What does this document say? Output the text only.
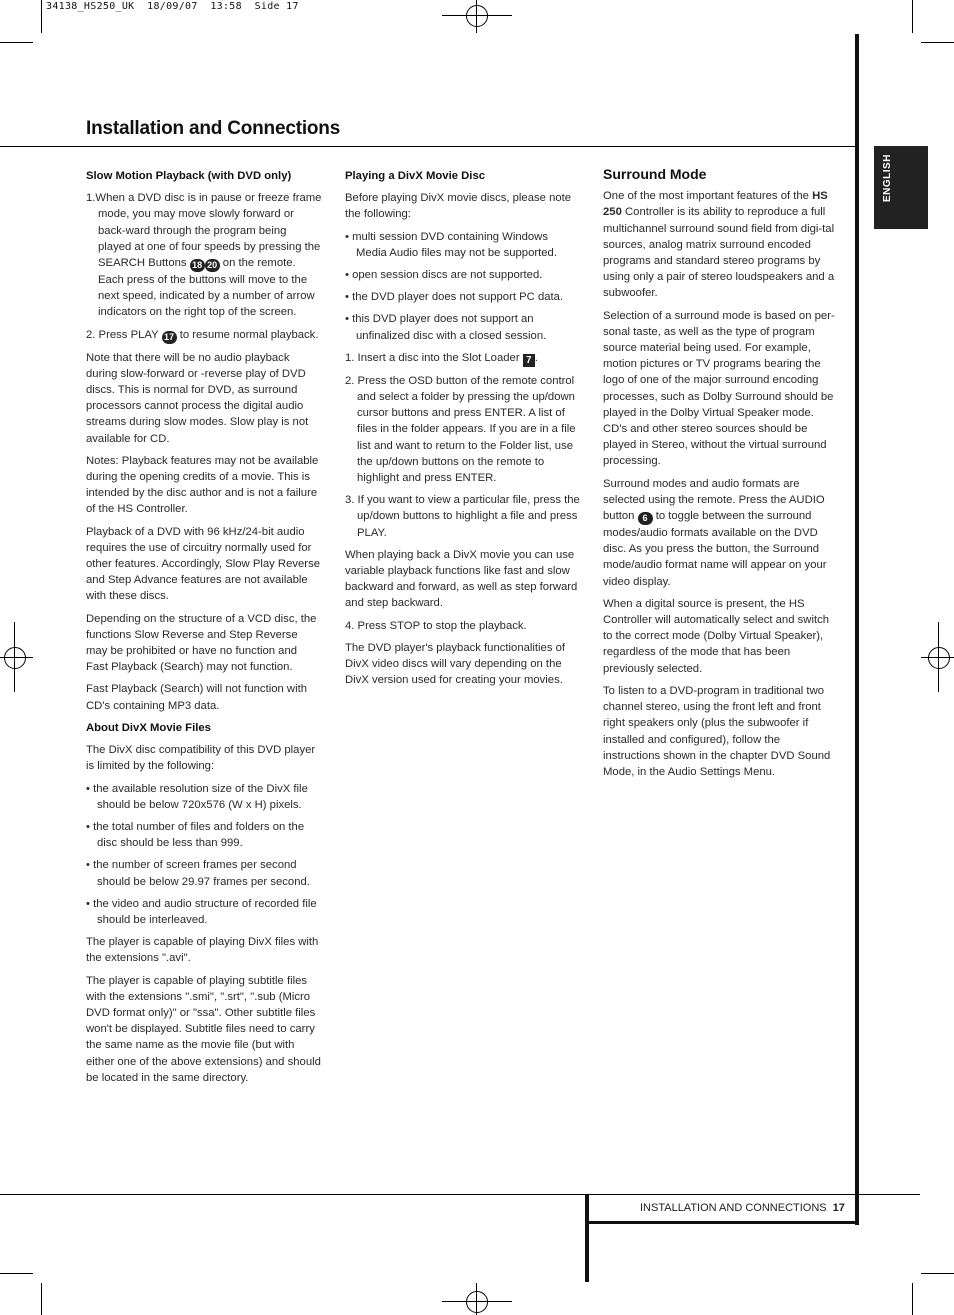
34138_HS250_UK  18/09/07  13:58  Side 17
Installation and Connections
ENGLISH

Slow Motion Playback (with DVD only)

1.When a DVD disc is in pause or freeze frame mode, you may move slowly forward or back-ward through the program being played at one of four speeds by pressing the SEARCH Buttons 18 20 on the remote. Each press of the buttons will move to the next speed, indicated by a number of arrow indicators on the right top of the screen.

2. Press PLAY 17 to resume normal playback.

Note that there will be no audio playback during slow-forward or -reverse play of DVD discs. This is normal for DVD, as surround processors cannot process the digital audio streams during slow modes. Slow play is not available for CD.

Notes: Playback features may not be available during the opening credits of a movie. This is intended by the disc author and is not a failure of the HS Controller.

Playback of a DVD with 96 kHz/24-bit audio requires the use of circuitry normally used for other features. Accordingly, Slow Play Reverse and Step Advance features are not available with these discs.

Depending on the structure of a VCD disc, the functions Slow Reverse and Step Reverse may be prohibited or have no function and Fast Playback (Search) may not function.

Fast Playback (Search) will not function with CD's containing MP3 data.

About DivX Movie Files

The DivX disc compatibility of this DVD player is limited by the following:

• the available resolution size of the DivX file should be below 720x576 (W x H) pixels.

• the total number of files and folders on the disc should be less than 999.

• the number of screen frames per second should be below 29.97 frames per second.

• the video and audio structure of recorded file should be interleaved.

The player is capable of playing DivX files with the extensions ".avi".

The player is capable of playing subtitle files with the extensions ".smi", ".srt", ".sub (Micro DVD format only)" or "ssa". Other subtitle files won't be displayed. Subtitle files need to carry the same name as the movie file (but with either one of the above extensions) and should be located in the same directory.

Playing a DivX Movie Disc

Before playing DivX movie discs, please note the following:

• multi session DVD containing Windows Media Audio files may not be supported.

• open session discs are not supported.

• the DVD player does not support PC data.

• this DVD player does not support an unfinalized disc with a closed session.

1. Insert a disc into the Slot Loader 7 .

2. Press the OSD button of the remote control and select a folder by pressing the up/down cursor buttons and press ENTER. A list of files in the folder appears. If you are in a file list and want to return to the Folder list, use the up/down buttons on the remote to highlight and press ENTER.

3. If you want to view a particular file, press the up/down buttons to highlight a file and press PLAY.

When playing back a DivX movie you can use variable playback functions like fast and slow backward and forward, as well as step forward and step backward.

4. Press STOP to stop the playback.

The DVD player's playback functionalities of DivX video discs will vary depending on the DivX version used for creating your movies.

Surround Mode

One of the most important features of the HS 250 Controller is its ability to reproduce a full multichannel surround sound field from digi-tal sources, analog matrix surround encoded programs and standard stereo programs by using only a pair of stereo loudspeakers and a subwoofer.

Selection of a surround mode is based on per-sonal taste, as well as the type of program source material being used. For example, motion pictures or TV programs bearing the logo of one of the major surround encoding processes, such as Dolby Surround should be played in the Dolby Virtual Speaker mode. CD's and other stereo sources should be played in Stereo, without the virtual surround processing.

Surround modes and audio formats are selected using the remote. Press the AUDIO button 6 to toggle between the surround modes/audio formats available on the DVD disc. As you press the button, the Surround mode/audio format name will appear on your video display.

When a digital source is present, the HS Controller will automatically select and switch to the correct mode (Dolby Virtual Speaker), regardless of the mode that has been previously selected.

To listen to a DVD-program in traditional two channel stereo, using the front left and front right speakers only (plus the subwoofer if installed and configured), follow the instructions shown in the chapter DVD Sound Mode, in the Audio Settings Menu.

INSTALLATION AND CONNECTIONS 17
